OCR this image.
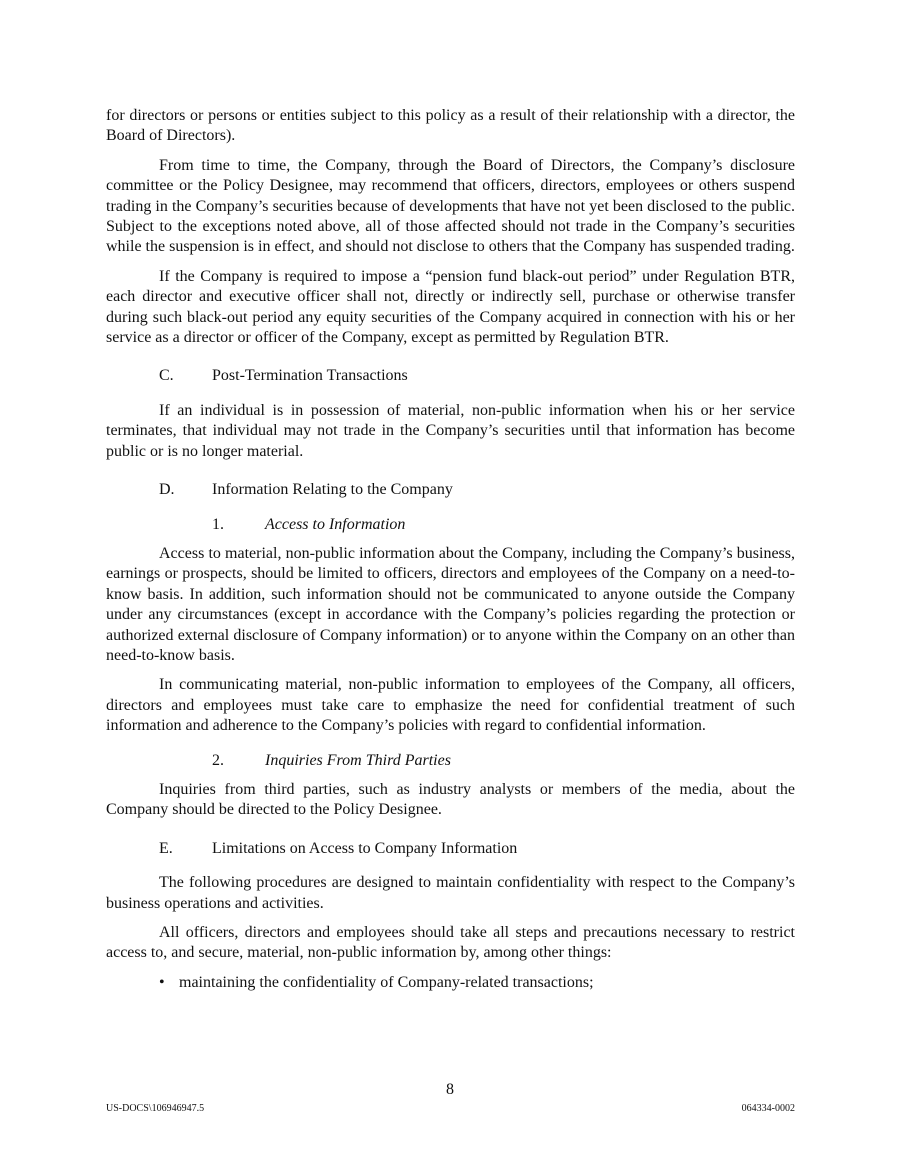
for directors or persons or entities subject to this policy as a result of their relationship with a director, the Board of Directors).

From time to time, the Company, through the Board of Directors, the Company’s disclosure committee or the Policy Designee, may recommend that officers, directors, employees or others suspend trading in the Company’s securities because of developments that have not yet been disclosed to the public. Subject to the exceptions noted above, all of those affected should not trade in the Company’s securities while the suspension is in effect, and should not disclose to others that the Company has suspended trading.

If the Company is required to impose a “pension fund black-out period” under Regulation BTR, each director and executive officer shall not, directly or indirectly sell, purchase or otherwise transfer during such black-out period any equity securities of the Company acquired in connection with his or her service as a director or officer of the Company, except as permitted by Regulation BTR.

C.	Post-Termination Transactions

If an individual is in possession of material, non-public information when his or her service terminates, that individual may not trade in the Company’s securities until that information has become public or is no longer material.

D.	Information Relating to the Company
1.	Access to Information

Access to material, non-public information about the Company, including the Company’s business, earnings or prospects, should be limited to officers, directors and employees of the Company on a need-to-know basis. In addition, such information should not be communicated to anyone outside the Company under any circumstances (except in accordance with the Company’s policies regarding the protection or authorized external disclosure of Company information) or to anyone within the Company on an other than need-to-know basis.

In communicating material, non-public information to employees of the Company, all officers, directors and employees must take care to emphasize the need for confidential treatment of such information and adherence to the Company’s policies with regard to confidential information.

2.	Inquiries From Third Parties

Inquiries from third parties, such as industry analysts or members of the media, about the Company should be directed to the Policy Designee.

E.	Limitations on Access to Company Information

The following procedures are designed to maintain confidentiality with respect to the Company’s business operations and activities.

All officers, directors and employees should take all steps and precautions necessary to restrict access to, and secure, material, non-public information by, among other things:

• maintaining the confidentiality of Company-related transactions;
8
US-DOCS\106946947.5	064334-0002
